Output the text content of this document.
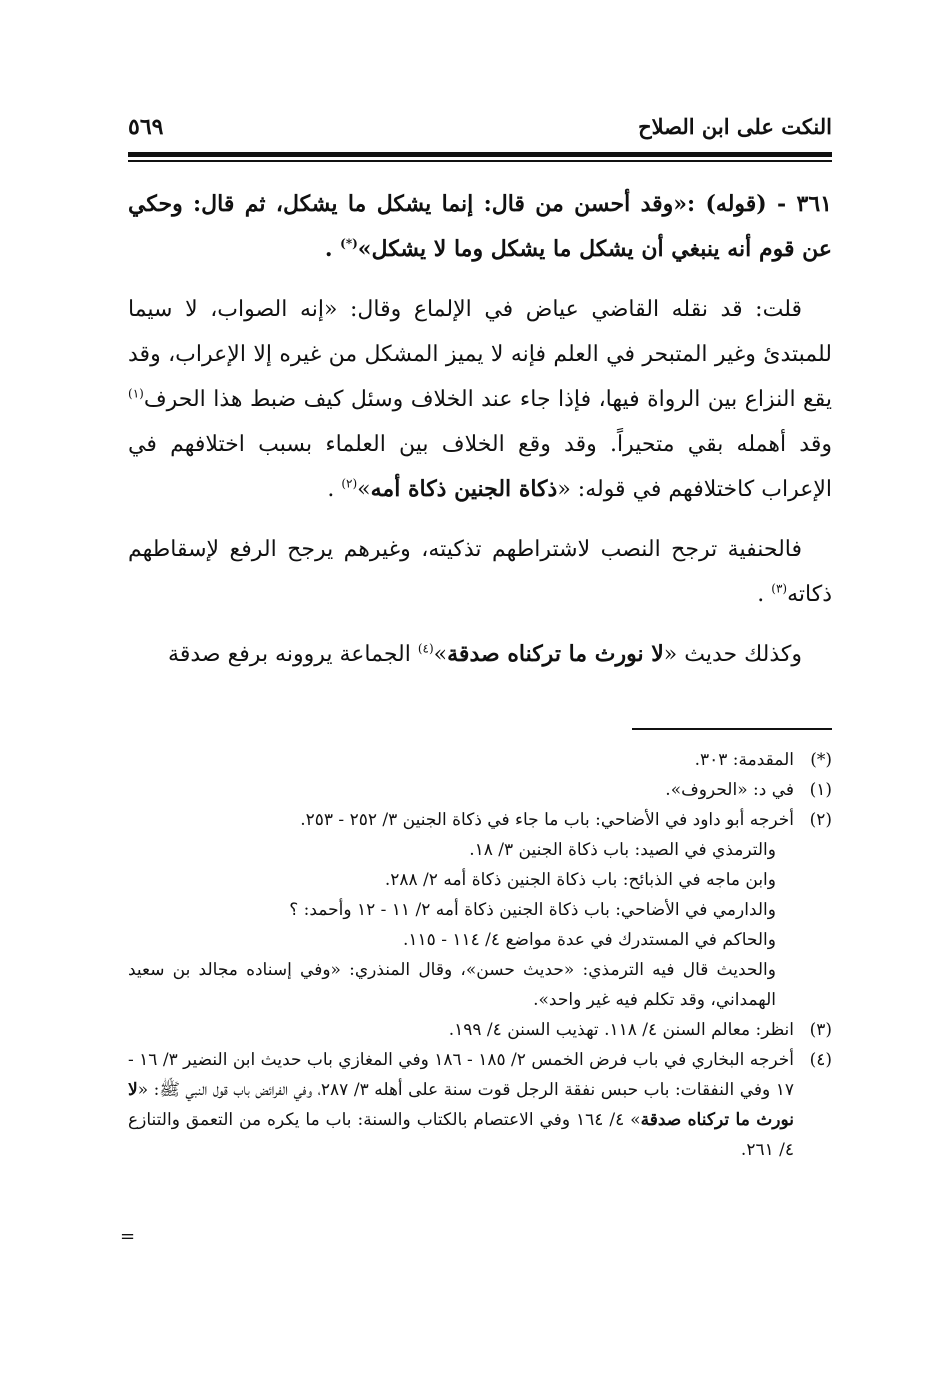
النكت على ابن الصلاح
٥٦٩

٣٦١ - (قوله) :«وقد أحسن من قال: إنما يشكل ما يشكل، ثم قال: وحكي عن قوم أنه ينبغي أن يشكل ما يشكل وما لا يشكل»(*) .

قلت: قد نقله القاضي عياض في الإلماع وقال: «إنه الصواب، لا سيما للمبتدئ وغير المتبحر في العلم فإنه لا يميز المشكل من غيره إلا الإعراب، وقد يقع النزاع بين الرواة فيها، فإذا جاء عند الخلاف وسئل كيف ضبط هذا الحرف$^{(١)}$ وقد أهمله بقي متحيراً. وقد وقع الخلاف بين العلماء بسبب اختلافهم في الإعراب كاختلافهم في قوله: «ذكاة الجنين ذكاة أمه»$^{(٢)}$ .

فالحنفية ترجح النصب لاشتراطهم تذكيته، وغيرهم يرجح الرفع لإسقاطهم ذكاته$^{(٣)}$ .

وكذلك حديث «لا نورث ما تركناه صدقة»$^{(٤)}$ الجماعة يروونه برفع صدقة

(*)
المقدمة: ٣٠٣.
(١)
في د: «الحروف».
(٢)
أخرجه أبو داود في الأضاحي: باب ما جاء في ذكاة الجنين ٣/ ٢٥٢ - ٢٥٣.
والترمذي في الصيد: باب ذكاة الجنين ٣/ ١٨.
وابن ماجه في الذبائح: باب ذكاة الجنين ذكاة أمه ٢/ ٢٨٨.
والدارمي في الأضاحي: باب ذكاة الجنين ذكاة أمه ٢/ ١١ - ١٢ وأحمد: ؟
والحاكم في المستدرك في عدة مواضع ٤/ ١١٤ - ١١٥.
والحديث قال فيه الترمذي: «حديث حسن»، وقال المنذري: «وفي إسناده مجالد بن سعيد الهمداني، وقد تكلم فيه غير واحد».
(٣)
انظر: معالم السنن ٤/ ١١٨. تهذيب السنن ٤/ ١٩٩.
(٤)
أخرجه البخاري في باب فرض الخمس ٢/ ١٨٥ - ١٨٦ وفي المغازي باب حديث ابن النضير ٣/ ١٦ - ١٧ وفي النفقات: باب حبس نفقة الرجل قوت سنة على أهله ٣/ ٢٨٧، وفي الفرائض باب قول النبي ﷺ: «لا نورث ما تركناه صدقة» ٤/ ١٦٤ وفي الاعتصام بالكتاب والسنة: باب ما يكره من التعمق والتنازع ٤/ ٢٦١.
=
